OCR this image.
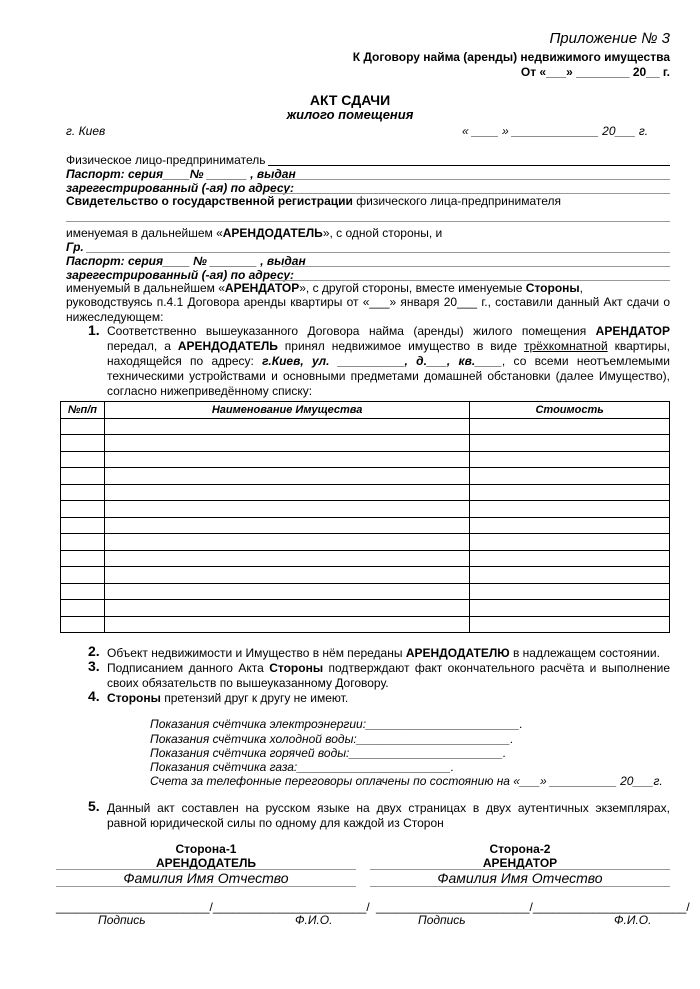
Приложение № 3
К Договору найма (аренды) недвижимого имущества
От «___» ________ 20__ г.
АКТ СДАЧИ
жилого помещения
г. Киев	« ____ » _____________ 20___ г.
Физическое лицо-предприниматель
Паспорт: серия____№ ______ , выдан
зарегестрированный (-ая) по адресу:
Свидетельство о государственной регистрации физического лица-предпринимателя
именуемая в дальнейшем «АРЕНДОДАТЕЛЬ», с одной стороны, и
Гр.
Паспорт: серия____ № _______ , выдан
зарегестрированный (-ая) по адресу:
именуемый в дальнейшем «АРЕНДАТОР», с другой стороны, вместе именуемые Стороны,
руководствуясь п.4.1 Договора аренды квартиры от «___» января 20___ г., составили данный Акт сдачи о нижеследующем:
1. Соответственно вышеуказанного Договора найма (аренды) жилого помещения АРЕНДАТОР передал, а АРЕНДОДАТЕЛЬ принял недвижимое имущество в виде трёхкомнатной квартиры, находящейся по адресу: г.Киев, ул. __________, д.___, кв.____, со всеми неотъемлемыми техническими устройствами и основными предметами домашней обстановки (далее Имущество), согласно нижеприведённому списку:
№п/п	Наименование Имущества	Стоимость

2. Объект недвижимости и Имущество в нём переданы АРЕНДОДАТЕЛЮ в надлежащем состоянии.
3. Подписанием данного Акта Стороны подтверждают факт окончательного расчёта и выполнение своих обязательств по вышеуказанному Договору.
4. Стороны претензий друг к другу не имеют.
Показания счётчика электроэнергии:_______________________.
Показания счётчика холодной воды:_______________________.
Показания счётчика горячей воды:_______________________.
Показания счётчика газа:_______________________.
Счета за телефонные переговоры оплачены по состоянию на «___» __________ 20___г.
5. Данный акт составлен на русском языке на двух страницах в двух аутентичных экземплярах, равной юридической силы по одному для каждой из Сторон
Сторона-1
АРЕНДОДАТЕЛЬ
Фамилия Имя Отчество
Сторона-2
АРЕНДАТОР
Фамилия Имя Отчество
_______________________/_______________________/
Подпись	Ф.И.О.
_______________________/_______________________/
Подпись	Ф.И.О.
